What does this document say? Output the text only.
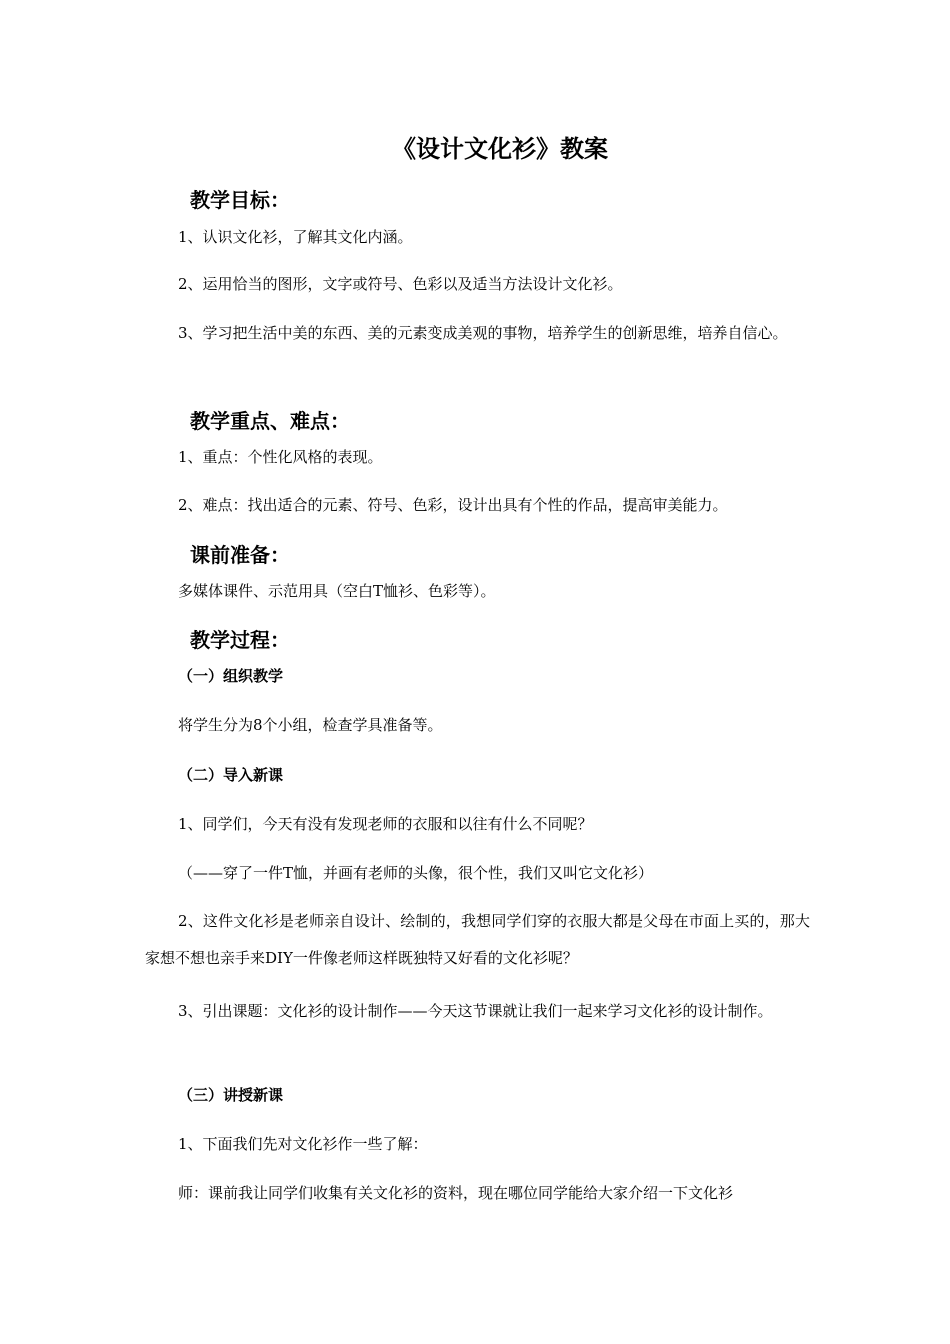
《设计文化衫》教案
教学目标：
1、认识文化衫，了解其文化内涵。
2、运用恰当的图形，文字或符号、色彩以及适当方法设计文化衫。
3、学习把生活中美的东西、美的元素变成美观的事物，培养学生的创新思维，培养自信心。
教学重点、难点：
1、重点：个性化风格的表现。
2、难点：找出适合的元素、符号、色彩，设计出具有个性的作品，提高审美能力。
课前准备：
多媒体课件、示范用具（空白T恤衫、色彩等）。
教学过程：
（一）组织教学
将学生分为8个小组，检查学具准备等。
（二）导入新课
1、同学们，今天有没有发现老师的衣服和以往有什么不同呢？
（——穿了一件T恤，并画有老师的头像，很个性，我们又叫它文化衫）
2、这件文化衫是老师亲自设计、绘制的，我想同学们穿的衣服大都是父母在市面上买的，那大家想不想也亲手来DIY一件像老师这样既独特又好看的文化衫呢？
3、引出课题：文化衫的设计制作——今天这节课就让我们一起来学习文化衫的设计制作。
（三）讲授新课
1、下面我们先对文化衫作一些了解：
师：课前我让同学们收集有关文化衫的资料，现在哪位同学能给大家介绍一下文化衫
